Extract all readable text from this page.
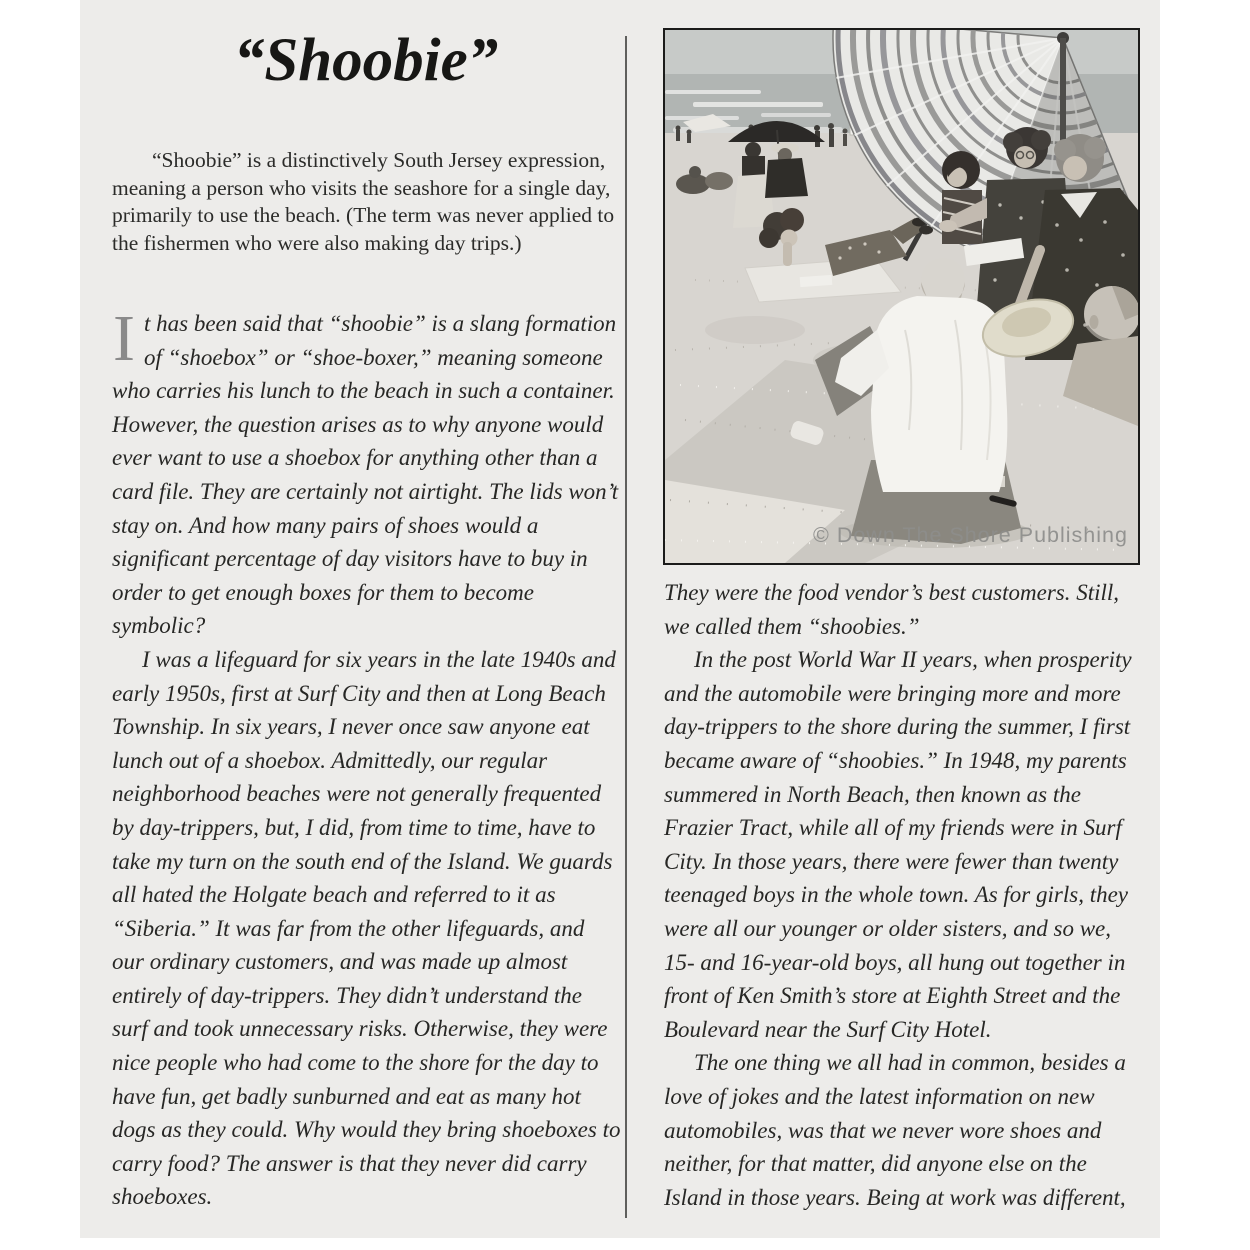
“Shoobie”

“Shoobie” is a distinctively South Jersey expression, meaning a person who visits the seashore for a single day, primarily to use the beach. (The term was never applied to the fishermen who were also making day trips.)

It has been said that “shoobie” is a slang formation of “shoebox” or “shoe-boxer,” meaning someone who carries his lunch to the beach in such a container. However, the question arises as to why anyone would ever want to use a shoebox for anything other than a card file. They are certainly not airtight. The lids won’t stay on. And how many pairs of shoes would a significant percentage of day visitors have to buy in order to get enough boxes for them to become symbolic?

I was a lifeguard for six years in the late 1940s and early 1950s, first at Surf City and then at Long Beach Township. In six years, I never once saw anyone eat lunch out of a shoebox. Admittedly, our regular neighborhood beaches were not generally frequented by day-trippers, but, I did, from time to time, have to take my turn on the south end of the Island. We guards all hated the Holgate beach and referred to it as “Siberia.” It was far from the other lifeguards, and our ordinary customers, and was made up almost entirely of day-trippers. They didn’t understand the surf and took unnecessary risks. Otherwise, they were nice people who had come to the shore for the day to have fun, get badly sunburned and eat as many hot dogs as they could. Why would they bring shoeboxes to carry food? The answer is that they never did carry shoeboxes.

© Down The Shore Publishing

They were the food vendor’s best customers. Still, we called them “shoobies.”

In the post World War II years, when prosperity and the automobile were bringing more and more day-trippers to the shore during the summer, I first became aware of “shoobies.” In 1948, my parents summered in North Beach, then known as the Frazier Tract, while all of my friends were in Surf City. In those years, there were fewer than twenty teenaged boys in the whole town. As for girls, they were all our younger or older sisters, and so we, 15- and 16-year-old boys, all hung out together in front of Ken Smith’s store at Eighth Street and the Boulevard near the Surf City Hotel.

The one thing we all had in common, besides a love of jokes and the latest information on new automobiles, was that we never wore shoes and neither, for that matter, did anyone else on the Island in those years. Being at work was different,
